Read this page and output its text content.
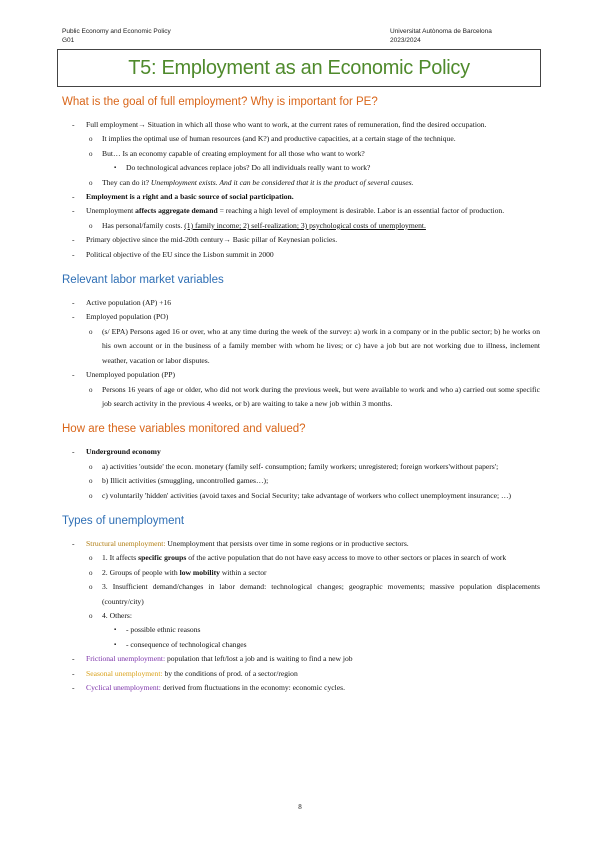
Public Economy and Economic Policy
G01
Universitat Autònoma de Barcelona
2023/2024
T5: Employment as an Economic Policy
What is the goal of full employment? Why is important for PE?
- Full employment→ Situation in which all those who want to work, at the current rates of remuneration, find the desired occupation.
o It implies the optimal use of human resources (and K?) and productive capacities, at a certain stage of the technique.
o But… Is an economy capable of creating employment for all those who want to work?
▪ Do technological advances replace jobs? Do all individuals really want to work?
o They can do it? Unemployment exists. And it can be considered that it is the product of several causes.
- Employment is a right and a basic source of social participation.
- Unemployment affects aggregate demand = reaching a high level of employment is desirable. Labor is an essential factor of production.
o Has personal/family costs. (1) family income; 2) self-realization; 3) psychological costs of unemployment.
- Primary objective since the mid-20th century→ Basic pillar of Keynesian policies.
- Political objective of the EU since the Lisbon summit in 2000
Relevant labor market variables
- Active population (AP) +16
- Employed population (PO)
o (s/ EPA) Persons aged 16 or over, who at any time during the week of the survey: a) work in a company or in the public sector; b) he works on his own account or in the business of a family member with whom he lives; or c) have a job but are not working due to illness, inclement weather, vacation or labor disputes.
- Unemployed population (PP)
o Persons 16 years of age or older, who did not work during the previous week, but were available to work and who a) carried out some specific job search activity in the previous 4 weeks, or b) are waiting to take a new job within 3 months.
How are these variables monitored and valued?
- Underground economy
o a) activities 'outside' the econ. monetary (family self- consumption; family workers; unregistered; foreign workers'without papers';
o b) Illicit activities (smuggling, uncontrolled games…);
o c) voluntarily 'hidden' activities (avoid taxes and Social Security; take advantage of workers who collect unemployment insurance; …)
Types of unemployment
- Structural unemployment: Unemployment that persists over time in some regions or in productive sectors.
o 1. It affects specific groups of the active population that do not have easy access to move to other sectors or places in search of work
o 2. Groups of people with low mobility within a sector
o 3. Insufficient demand/changes in labor demand: technological changes; geographic movements; massive population displacements (country/city)
o 4. Others:
▪ - possible ethnic reasons
▪ - consequence of technological changes
- Frictional unemployment: population that left/lost a job and is waiting to find a new job
- Seasonal unemployment: by the conditions of prod. of a sector/region
- Cyclical unemployment: derived from fluctuations in the economy: economic cycles.
8
